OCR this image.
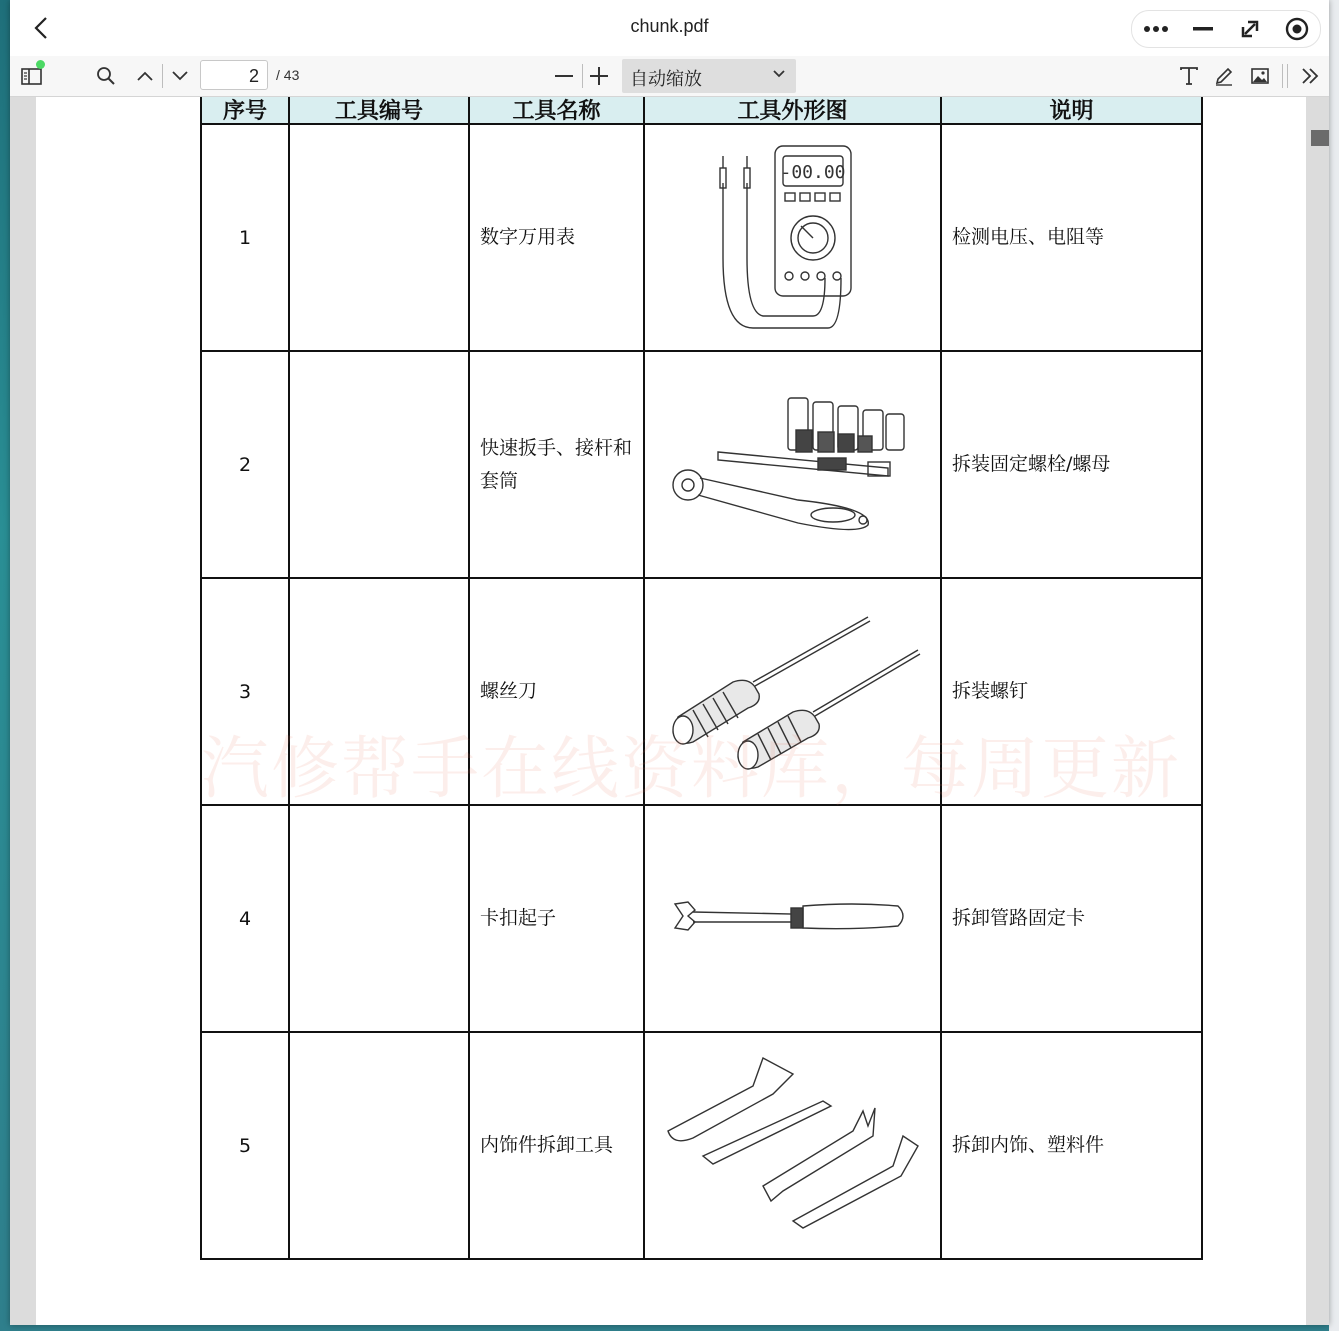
chunk.pdf
2	/ 43	自动缩放
序号	工具编号	工具名称	工具外形图	说明
1		数字万用表	-00.00	检测电压、电阻等
2		快速扳手、接杆和套筒		拆装固定螺栓/螺母
3		螺丝刀		拆装螺钉
4		卡扣起子		拆卸管路固定卡
5		内饰件拆卸工具		拆卸内饰、塑料件
汽修帮手在线资料库，每周更新
